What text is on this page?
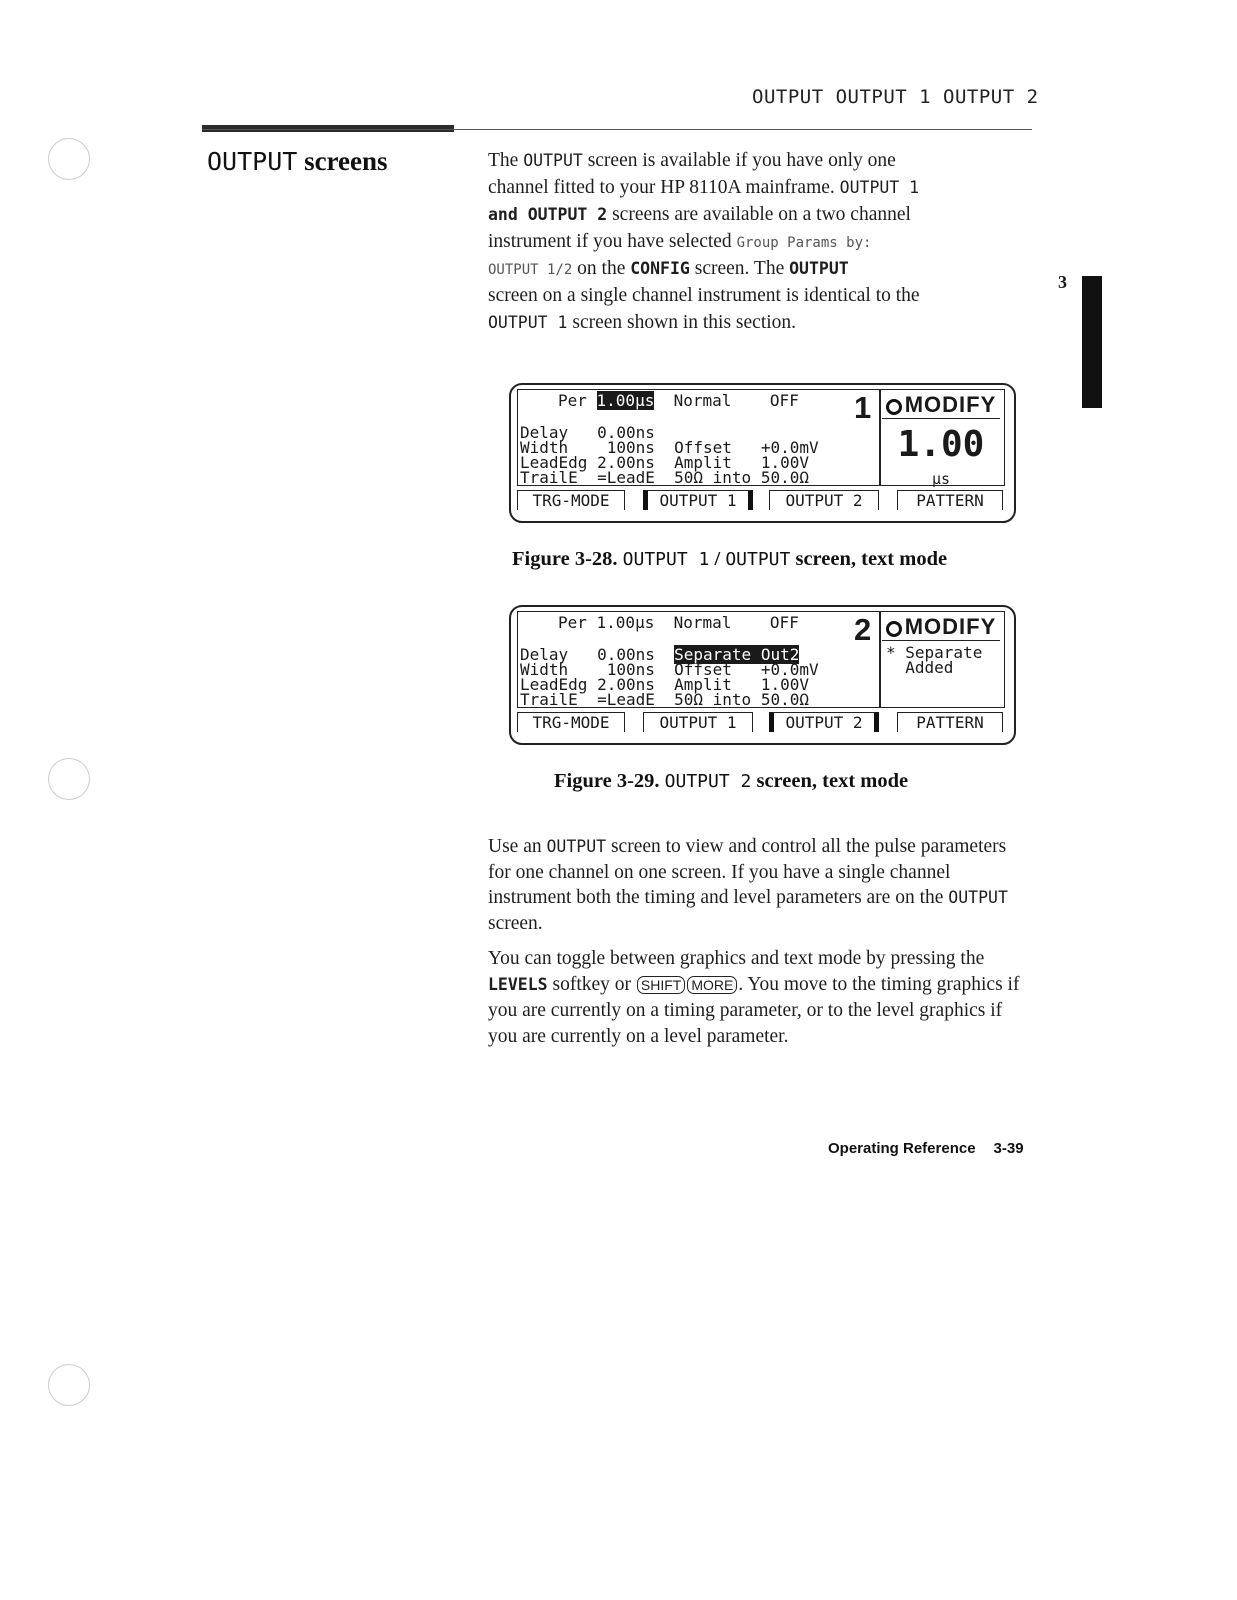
OUTPUT OUTPUT 1 OUTPUT 2
OUTPUT screens
3
The OUTPUT screen is available if you have only one
channel fitted to your HP 8110A mainframe. OUTPUT 1
and OUTPUT 2 screens are available on a two channel
instrument if you have selected Group Params by:
OUTPUT 1/2 on the CONFIG screen. The OUTPUT
screen on a single channel instrument is identical to the
OUTPUT 1 screen shown in this section.
Per 1.00µs Normal OFF 1
Delay   0.00ns
Width    100ns  Offset   +0.0mV
LeadEdg 2.00ns  Amplit   1.00V
TrailE  =LeadE  50Ω into 50.0Ω
MODIFY
1.00
µs
TRG-MODE	OUTPUT 1	OUTPUT 2	PATTERN
Figure 3-28. OUTPUT 1 / OUTPUT screen, text mode
Per 1.00µs Normal OFF 2
Delay   0.00ns  Separate Out2
Width    100ns  Offset   +0.0mV
LeadEdg 2.00ns  Amplit   1.00V
TrailE  =LeadE  50Ω into 50.0Ω
MODIFY
* Separate
Added
TRG-MODE	OUTPUT 1	OUTPUT 2	PATTERN
Figure 3-29. OUTPUT 2 screen, text mode
Use an OUTPUT screen to view and control all the pulse parameters for one channel on one screen. If you have a single channel instrument both the timing and level parameters are on the OUTPUT screen.
You can toggle between graphics and text mode by pressing the LEVELS softkey or SHIFT MORE . You move to the timing graphics if you are currently on a timing parameter, or to the level graphics if you are currently on a level parameter.
Operating Reference 3-39
